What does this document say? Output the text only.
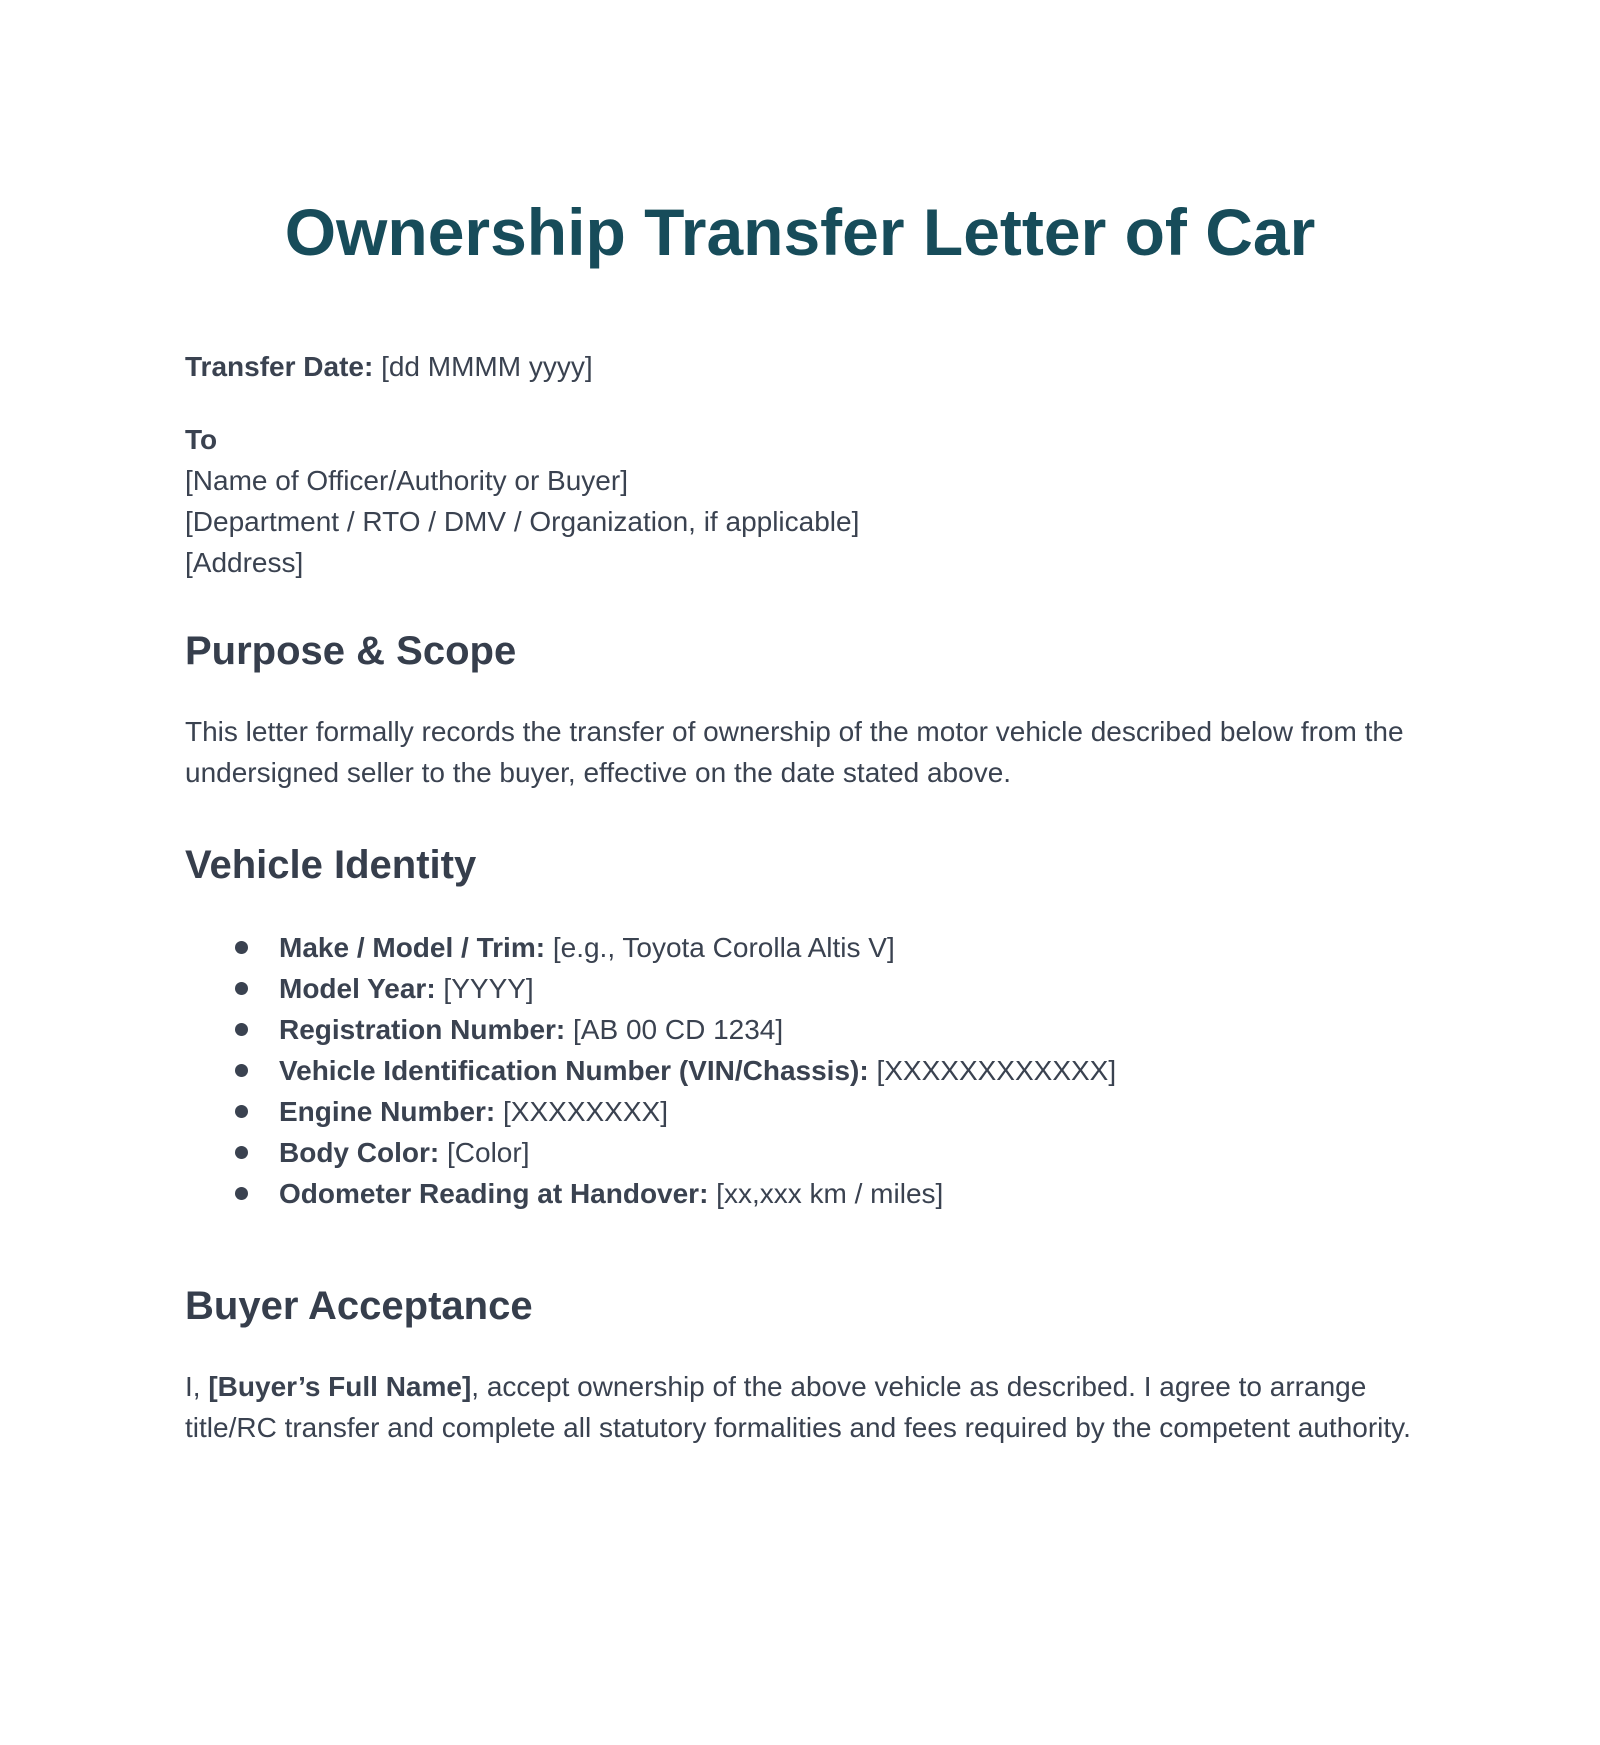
Ownership Transfer Letter of Car

Transfer Date: [dd MMMM yyyy]

To

[Name of Officer/Authority or Buyer]

[Department / RTO / DMV / Organization, if applicable]

[Address]

Purpose & Scope

This letter formally records the transfer of ownership of the motor vehicle described below from the undersigned seller to the buyer, effective on the date stated above.

Vehicle Identity
Make / Model / Trim: [e.g., Toyota Corolla Altis V]
Model Year: [YYYY]
Registration Number: [AB 00 CD 1234]
Vehicle Identification Number (VIN/Chassis): [XXXXXXXXXXXX]
Engine Number: [XXXXXXXX]
Body Color: [Color]
Odometer Reading at Handover: [xx,xxx km / miles]
Buyer Acceptance

I, [Buyer’s Full Name], accept ownership of the above vehicle as described. I agree to arrange title/RC transfer and complete all statutory formalities and fees required by the competent authority.
